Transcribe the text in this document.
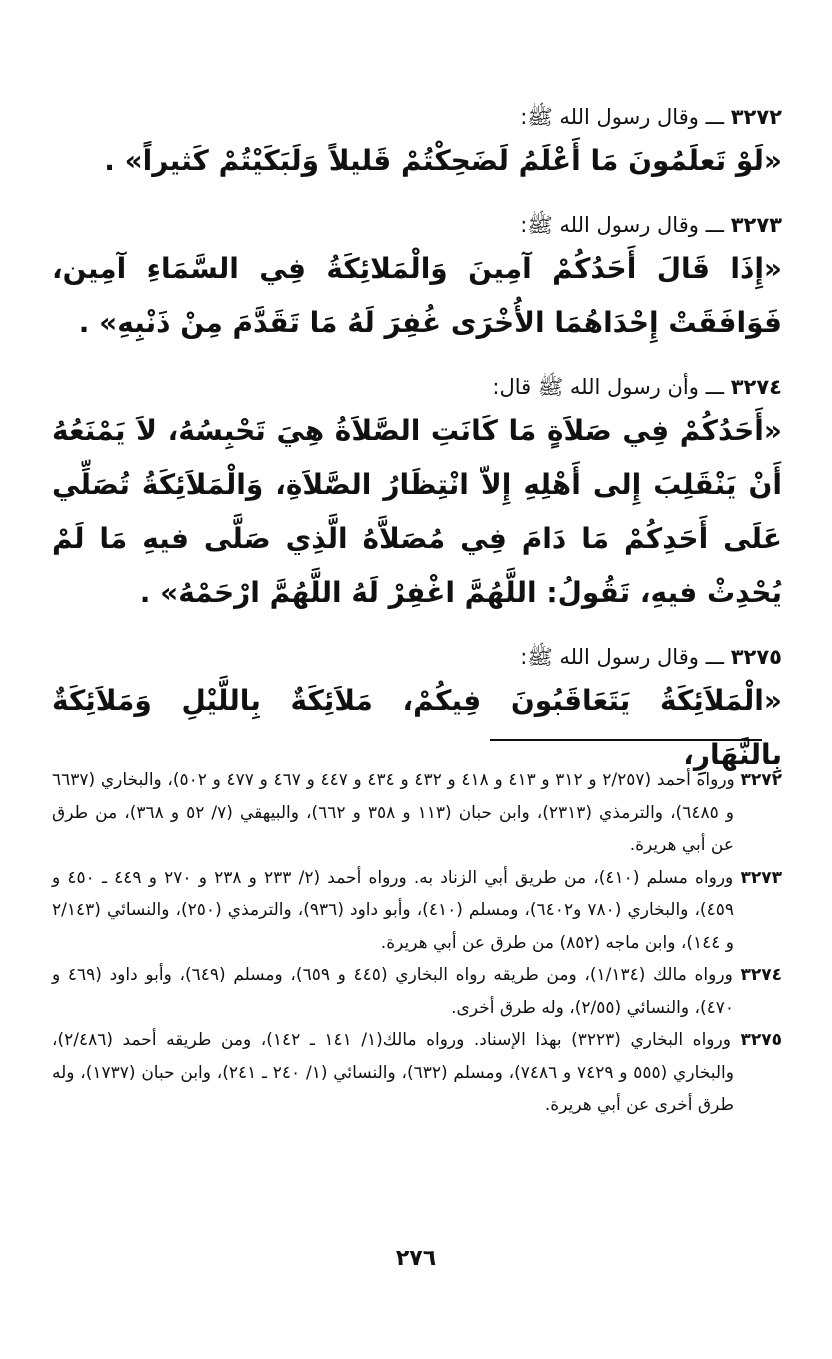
٣٢٧٢ ـــ وقال رسول الله ﷺ:

«لَوْ تَعلَمُونَ مَا أَعْلَمُ لَضَحِكْتُمْ قَليلاً وَلَبَكَيْتُمْ كَثيراً» .

٣٢٧٣ ـــ وقال رسول الله ﷺ:

«إِذَا قَالَ أَحَدُكُمْ آمِينَ وَالْمَلائِكَةُ فِي السَّمَاءِ آمِين، فَوَافَقَتْ إِحْدَاهُمَا الأُخْرَى غُفِرَ لَهُ مَا تَقَدَّمَ مِنْ ذَنْبِهِ» .

٣٢٧٤ ـــ وأن رسول الله ﷺ قال:

«أَحَدُكُمْ فِي صَلاَةٍ مَا كَانَتِ الصَّلاَةُ هِيَ تَحْبِسُهُ، لاَ يَمْنَعُهُ أَنْ يَنْقَلِبَ إِلى أَهْلِهِ إِلاّ انْتِظَارُ الصَّلاَةِ، وَالْمَلاَئِكَةُ تُصَلِّي عَلَى أَحَدِكُمْ مَا دَامَ فِي مُصَلاَّهُ الَّذِي صَلَّى فيهِ مَا لَمْ يُحْدِثْ فيهِ، تَقُولُ: اللَّهُمَّ اغْفِرْ لَهُ اللَّهُمَّ ارْحَمْهُ» .

٣٢٧٥ ـــ وقال رسول الله ﷺ:

«الْمَلاَئِكَةُ يَتَعَاقَبُونَ فِيكُمْ، مَلاَئِكَةٌ بِاللَّيْلِ وَمَلاَئِكَةٌ بِالنَّهَارِ،

٣٢٧٢ ورواه أحمد (٢/٢٥٧ و ٣١٢ و ٤١٣ و ٤١٨ و ٤٣٢ و ٤٣٤ و ٤٤٧ و ٤٦٧ و ٤٧٧ و ٥٠٢)، والبخاري (٦٦٣٧ و ٦٤٨٥)، والترمذي (٢٣١٣)، وابن حبان (١١٣ و ٣٥٨ و ٦٦٢)، والبيهقي (٧/ ٥٢ و ٣٦٨)، من طرق عن أبي هريرة.

٣٢٧٣ ورواه مسلم (٤١٠)، من طريق أبي الزناد به. ورواه أحمد (٢/ ٢٣٣ و ٢٣٨ و ٢٧٠ و ٤٤٩ ـ ٤٥٠ و ٤٥٩)، والبخاري (٧٨٠ و٦٤٠٢)، ومسلم (٤١٠)، وأبو داود (٩٣٦)، والترمذي (٢٥٠)، والنسائي (٢/١٤٣ و ١٤٤)، وابن ماجه (٨٥٢) من طرق عن أبي هريرة.

٣٢٧٤ ورواه مالك (١/١٣٤)، ومن طريقه رواه البخاري (٤٤٥ و ٦٥٩)، ومسلم (٦٤٩)، وأبو داود (٤٦٩ و ٤٧٠)، والنسائي (٢/٥٥)، وله طرق أخرى.

٣٢٧٥ ورواه البخاري (٣٢٢٣) بهذا الإسناد. ورواه مالك(١/ ١٤١ ـ ١٤٢)، ومن طريقه أحمد (٢/٤٨٦)، والبخاري (٥٥٥ و ٧٤٢٩ و ٧٤٨٦)، ومسلم (٦٣٢)، والنسائي (١/ ٢٤٠ ـ ٢٤١)، وابن حبان (١٧٣٧)، وله طرق أخرى عن أبي هريرة.

٢٧٦
